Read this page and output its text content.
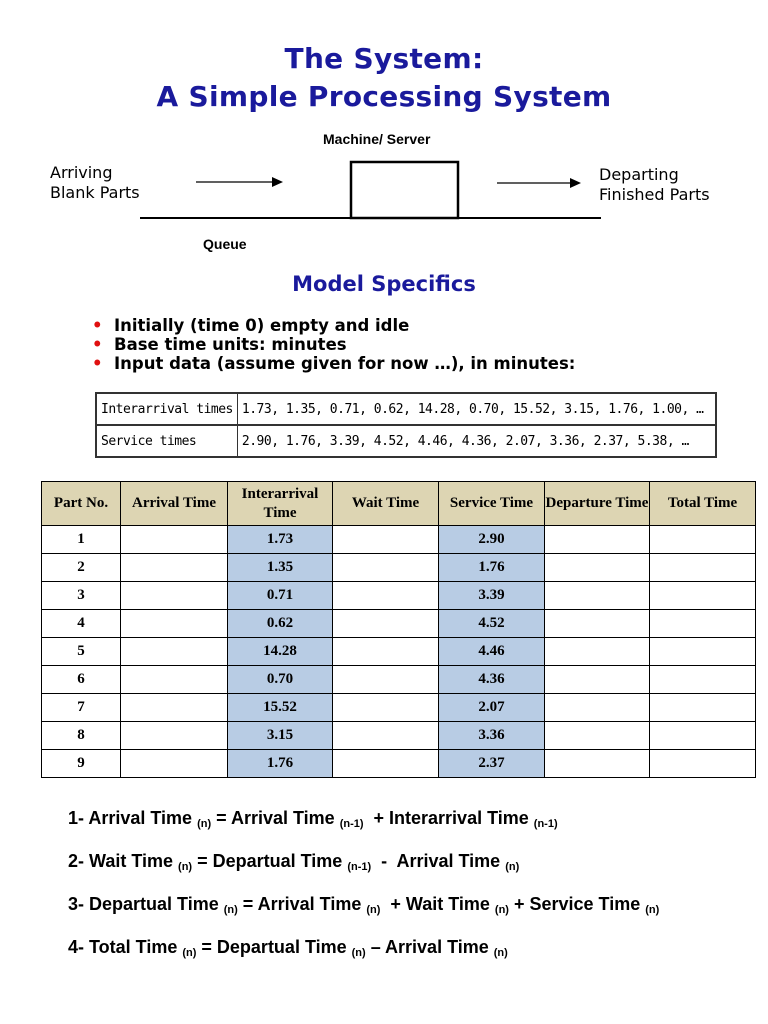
The System:
A Simple Processing System
Machine/ Server
Arriving
Blank Parts
Departing
Finished Parts
Queue
Model Specifics
• Initially (time 0) empty and idle
• Base time units: minutes
• Input data (assume given for now …), in minutes:
Interarrival times	1.73, 1.35, 0.71, 0.62, 14.28, 0.70, 15.52, 3.15, 1.76, 1.00, …
Service times	2.90, 1.76, 3.39, 4.52, 4.46, 4.36, 2.07, 3.36, 2.37, 5.38, …
Part No.	Arrival Time	Interarrival Time	Wait Time	Service Time	Departure Time	Total Time
1		1.73		2.90		
2		1.35		1.76		
3		0.71		3.39		
4		0.62		4.52		
5		14.28		4.46		
6		0.70		4.36		
7		15.52		2.07		
8		3.15		3.36		
9		1.76		2.37		
1- Arrival Time $_{(n)}$ = Arrival Time $_{(n-1)}$  + Interarrival Time $_{(n-1)}$
2- Wait Time $_{(n)}$ = Departual Time $_{(n-1)}$  -  Arrival Time $_{(n)}$
3- Departual Time $_{(n)}$ = Arrival Time $_{(n)}$  + Wait Time $_{(n)}$ + Service Time $_{(n)}$
4- Total Time $_{(n)}$ = Departual Time $_{(n)}$ – Arrival Time $_{(n)}$
